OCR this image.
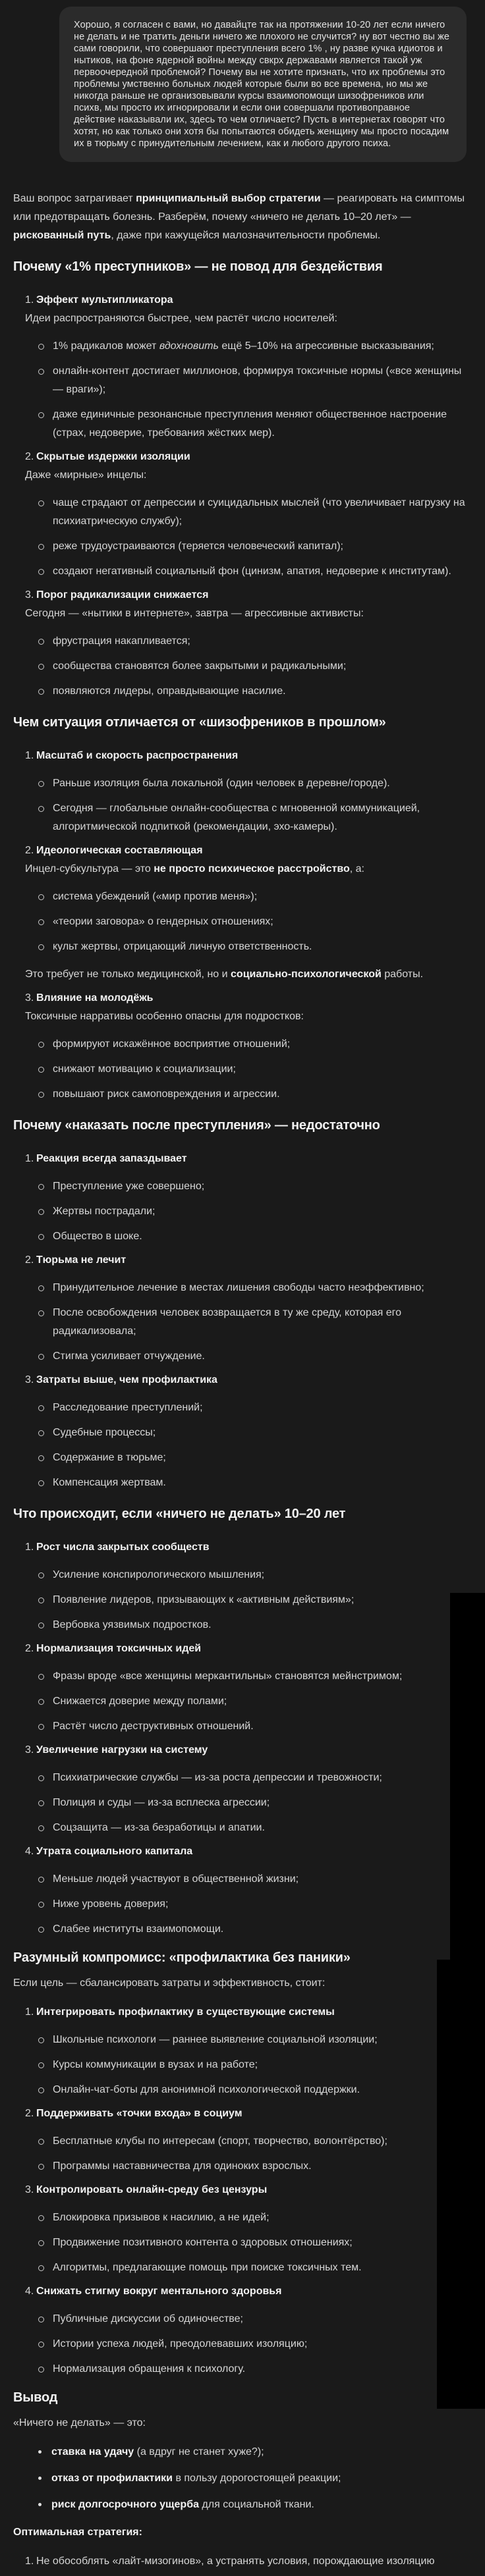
Хорошо, я согласен с вами, но давайцте так на протяжении 10-20 лет если ничего не делать и не тратить деньги ничего же плохого не случится? ну вот честно вы же сами говорили, что совершают преступления всего 1% , ну разве кучка идиотов и нытиков, на фоне ядерной войны между свкрх державами является такой уж первоочередной проблемой? Почему вы не хотите признать, что их проблемы это проблемы умственно больных людей которые были во все времена, но мы же никогда раньше не организовывали курсы взаимопомощи шизофреников или психв, мы просто их игнорировали и если они совершали противоправное действие наказывали их, здесь то чем отличаетс? Пусть в интернетах говорят что хотят, но как только они хотя бы попытаются обидеть женщину мы просто посадим их в тюрьму с принудительным лечением, как и любого другого психа.
Ваш вопрос затрагивает принципиальный выбор стратегии — реагировать на симптомы или предотвращать болезнь. Разберём, почему «ничего не делать 10–20 лет» — рискованный путь, даже при кажущейся малозначительности проблемы.
Почему «1% преступников» — не повод для бездействия
1. Эффект мультипликатора
Идеи распространяются быстрее, чем растёт число носителей:
1% радикалов может вдохновить ещё 5–10% на агрессивные высказывания;
онлайн-контент достигает миллионов, формируя токсичные нормы («все женщины — враги»);
даже единичные резонансные преступления меняют общественное настроение (страх, недоверие, требования жёстких мер).
2. Скрытые издержки изоляции
Даже «мирные» инцелы:
чаще страдают от депрессии и суицидальных мыслей (что увеличивает нагрузку на психиатрическую службу);
реже трудоустраиваются (теряется человеческий капитал);
создают негативный социальный фон (цинизм, апатия, недоверие к институтам).
3. Порог радикализации снижается
Сегодня — «нытики в интернете», завтра — агрессивные активисты:
фрустрация накапливается;
сообщества становятся более закрытыми и радикальными;
появляются лидеры, оправдывающие насилие.
Чем ситуация отличается от «шизофреников в прошлом»
1. Масштаб и скорость распространения
Раньше изоляция была локальной (один человек в деревне/городе).
Сегодня — глобальные онлайн-сообщества с мгновенной коммуникацией, алгоритмической подпиткой (рекомендации, эхо-камеры).
2. Идеологическая составляющая
Инцел-субкультура — это не просто психическое расстройство, а:
система убеждений («мир против меня»);
«теории заговора» о гендерных отношениях;
культ жертвы, отрицающий личную ответственность.
Это требует не только медицинской, но и социально-психологической работы.
3. Влияние на молодёжь
Токсичные нарративы особенно опасны для подростков:
формируют искажённое восприятие отношений;
снижают мотивацию к социализации;
повышают риск самоповреждения и агрессии.
Почему «наказать после преступления» — недостаточно
1. Реакция всегда запаздывает
Преступление уже совершено;
Жертвы пострадали;
Общество в шоке.
2. Тюрьма не лечит
Принудительное лечение в местах лишения свободы часто неэффективно;
После освобождения человек возвращается в ту же среду, которая его радикализовала;
Стигма усиливает отчуждение.
3. Затраты выше, чем профилактика
Расследование преступлений;
Судебные процессы;
Содержание в тюрьме;
Компенсация жертвам.
Что происходит, если «ничего не делать» 10–20 лет
1. Рост числа закрытых сообществ
Усиление конспирологического мышления;
Появление лидеров, призывающих к «активным действиям»;
Вербовка уязвимых подростков.
2. Нормализация токсичных идей
Фразы вроде «все женщины меркантильны» становятся мейнстримом;
Снижается доверие между полами;
Растёт число деструктивных отношений.
3. Увеличение нагрузки на систему
Психиатрические службы — из-за роста депрессии и тревожности;
Полиция и суды — из-за всплеска агрессии;
Соцзащита — из-за безработицы и апатии.
4. Утрата социального капитала
Меньше людей участвуют в общественной жизни;
Ниже уровень доверия;
Слабее институты взаимопомощи.
Разумный компромисс: «профилактика без паники»
Если цель — сбалансировать затраты и эффективность, стоит:
1. Интегрировать профилактику в существующие системы
Школьные психологи — раннее выявление социальной изоляции;
Курсы коммуникации в вузах и на работе;
Онлайн-чат-боты для анонимной психологической поддержки.
2. Поддерживать «точки входа» в социум
Бесплатные клубы по интересам (спорт, творчество, волонтёрство);
Программы наставничества для одиноких взрослых.
3. Контролировать онлайн-среду без цензуры
Блокировка призывов к насилию, а не идей;
Продвижение позитивного контента о здоровых отношениях;
Алгоритмы, предлагающие помощь при поиске токсичных тем.
4. Снижать стигму вокруг ментального здоровья
Публичные дискуссии об одиночестве;
Истории успеха людей, преодолевавших изоляцию;
Нормализация обращения к психологу.
Вывод
«Ничего не делать» — это:
ставка на удачу (а вдруг не станет хуже?);
отказ от профилактики в пользу дорогостоящей реакции;
риск долгосрочного ущерба для социальной ткани.
Оптимальная стратегия:
1. Не обособлять «лайт-мизогинов», а устранять условия, порождающие изоляцию
